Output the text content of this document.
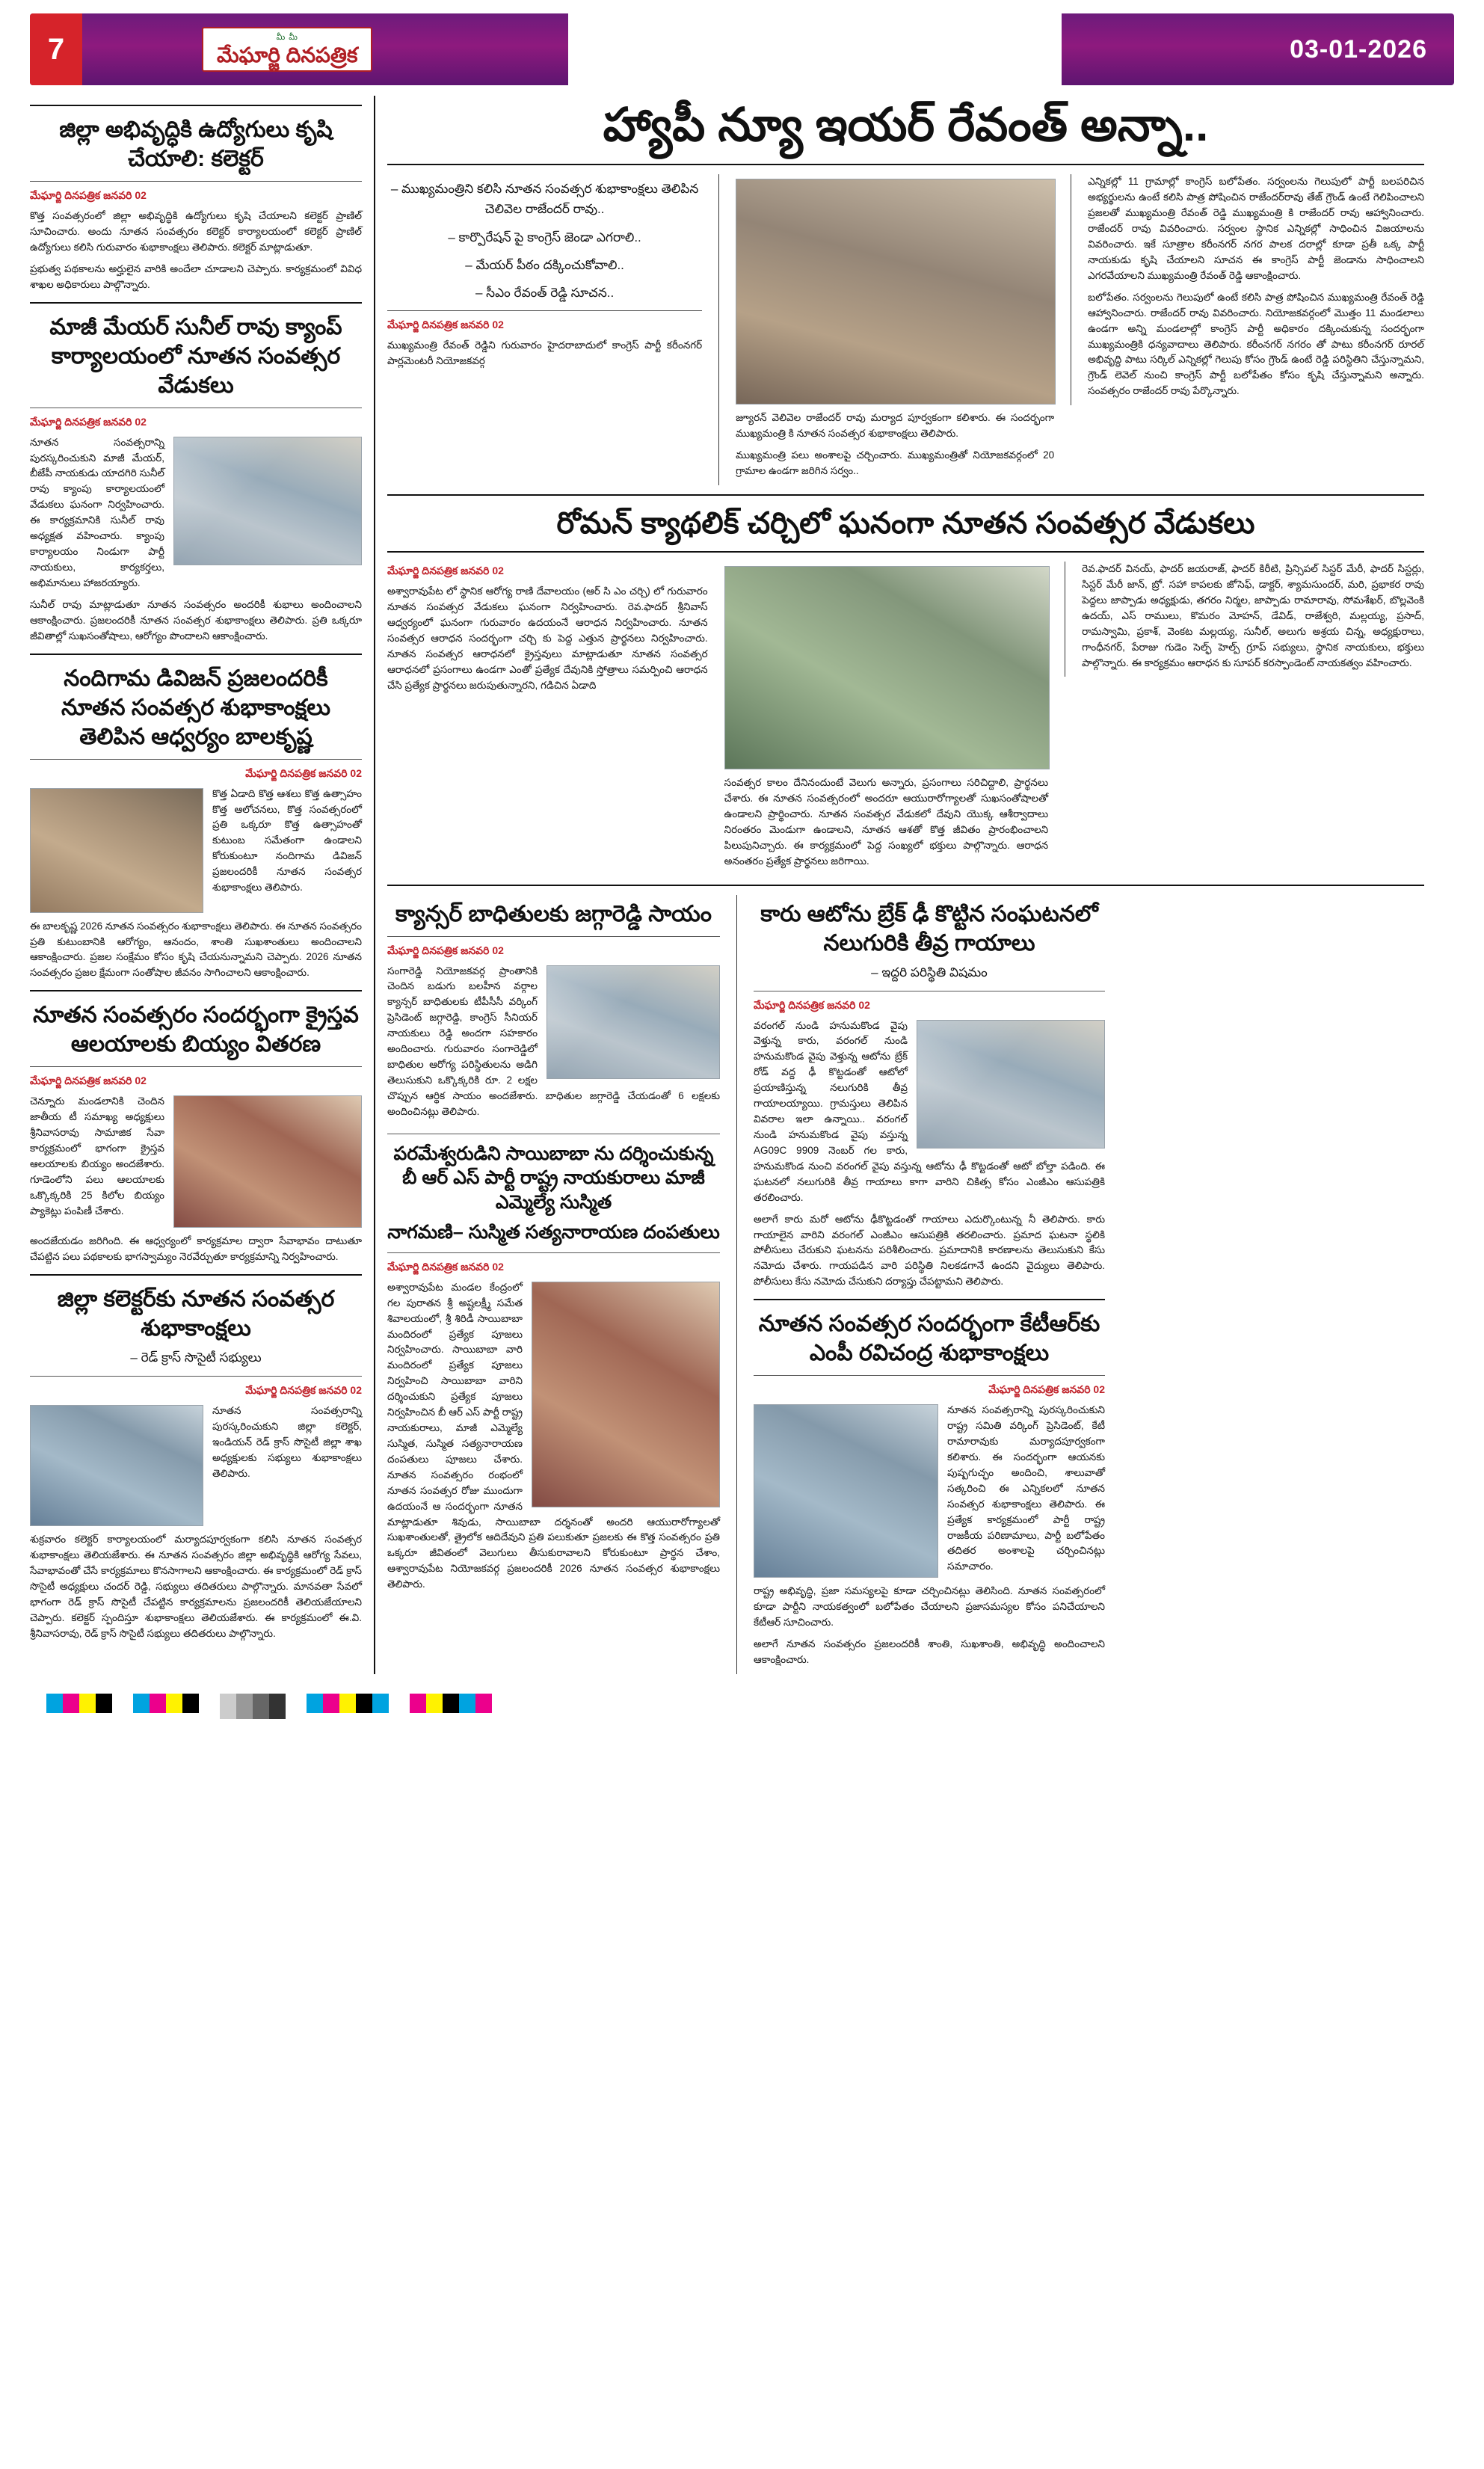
7	మీ మీ
మేఘార్జి దినపత్రిక	03-01-2026
జిల్లా అభివృద్ధికి ఉద్యోగులు కృషి చేయాలి: కలెక్టర్
మేఘార్జి దినపత్రిక జనవరి 02

కొత్త సంవత్సరంలో జిల్లా అభివృద్ధికి ఉద్యోగులు కృషి చేయాలని కలెక్టర్ ప్రాణిల్ సూచించారు. అందు నూతన సంవత్సరం కలెక్టర్ కార్యాలయంలో కలెక్టర్ ప్రాణిల్ ఉద్యోగులు కలిసి గురువారం శుభాకాంక్షలు తెలిపారు. కలెక్టర్ మాట్లాడుతూ.

ప్రభుత్వ పథకాలను అర్హులైన వారికి అందేలా చూడాలని చెప్పారు. కార్యక్రమంలో వివిధ శాఖల అధికారులు పాల్గొన్నారు.

మాజీ మేయర్ సునీల్ రావు క్యాంప్ కార్యాలయంలో నూతన సంవత్సర వేడుకలు
మేఘార్జి దినపత్రిక జనవరి 02

నూతన సంవత్సరాన్ని పురస్కరించుకుని మాజీ మేయర్, బీజేపీ నాయకుడు యాదగిరి సునీల్ రావు క్యాంపు కార్యాలయంలో వేడుకలు ఘనంగా నిర్వహించారు. ఈ కార్యక్రమానికి సునీల్ రావు అధ్యక్షత వహించారు. క్యాంపు కార్యాలయం నిండుగా పార్టీ నాయకులు, కార్యకర్తలు, అభిమానులు హాజరయ్యారు.

సునీల్ రావు మాట్లాడుతూ నూతన సంవత్సరం అందరికీ శుభాలు అందించాలని ఆకాంక్షించారు. ప్రజలందరికీ నూతన సంవత్సర శుభాకాంక్షలు తెలిపారు. ప్రతి ఒక్కరూ జీవితాల్లో సుఖసంతోషాలు, ఆరోగ్యం పొందాలని ఆకాంక్షించారు.

నందిగామ డివిజన్ ప్రజలందరికీ నూతన సంవత్సర శుభాకాంక్షలు తెలిపిన ఆధ్వర్యం బాలకృష్ణ
మేఘార్జి దినపత్రిక జనవరి 02

కొత్త ఏడాది కొత్త ఆశలు కొత్త ఉత్సాహం కొత్త ఆలోచనలు, కొత్త సంవత్సరంలో ప్రతి ఒక్కరూ కొత్త ఉత్సాహంతో కుటుంబ సమేతంగా ఉండాలని కోరుకుంటూ నందిగామ డివిజన్ ప్రజలందరికీ నూతన సంవత్సర శుభాకాంక్షలు తెలిపారు.

ఈ బాలకృష్ణ 2026 నూతన సంవత్సరం శుభాకాంక్షలు తెలిపారు. ఈ నూతన సంవత్సరం ప్రతి కుటుంబానికి ఆరోగ్యం, ఆనందం, శాంతి సుఖశాంతులు అందించాలని ఆకాంక్షించారు. ప్రజల సంక్షేమం కోసం కృషి చేయనున్నామని చెప్పారు. 2026 నూతన సంవత్సరం ప్రజల క్షేమంగా సంతోషాల జీవనం సాగించాలని ఆకాంక్షించారు.

నూతన సంవత్సరం సందర్భంగా క్రైస్తవ ఆలయాలకు బియ్యం వితరణ
మేఘార్జి దినపత్రిక జనవరి 02

చెన్నూరు మండలానికి చెందిన జాతీయ టీ సమాఖ్య అధ్యక్షులు శ్రీనివాసరావు సామాజిక సేవా కార్యక్రమంలో భాగంగా క్రైస్తవ ఆలయాలకు బియ్యం అందజేశారు. గూడెంలోని పలు ఆలయాలకు ఒక్కొక్కరికి 25 కిలోల బియ్యం ప్యాకెట్లు పంపిణీ చేశారు.

అందజేయడం జరిగింది. ఈ ఆధ్వర్యంలో కార్యక్రమాల ద్వారా సేవాభావం దాటుతూ చేపట్టిన పలు పథకాలకు భాగస్వామ్యం నెరవేర్చుతూ కార్యక్రమాన్ని నిర్వహించారు.

జిల్లా కలెక్టర్‌కు నూతన సంవత్సర శుభాకాంక్షలు
– రెడ్ క్రాస్ సొసైటీ సభ్యులు
మేఘార్జి దినపత్రిక జనవరి 02

నూతన సంవత్సరాన్ని పురస్కరించుకుని జిల్లా కలెక్టర్, ఇండియన్ రెడ్ క్రాస్ సొసైటీ జిల్లా శాఖ అధ్యక్షులకు సభ్యులు శుభాకాంక్షలు తెలిపారు.

శుక్రవారం కలెక్టర్ కార్యాలయంలో మర్యాదపూర్వకంగా కలిసి నూతన సంవత్సర శుభాకాంక్షలు తెలియజేశారు. ఈ నూతన సంవత్సరం జిల్లా అభివృద్ధికి ఆరోగ్య సేవలు, సేవాభావంతో చేసే కార్యక్రమాలు కొనసాగాలని ఆకాంక్షించారు. ఈ కార్యక్రమంలో రెడ్ క్రాస్ సొసైటీ అధ్యక్షులు చందర్ రెడ్డి, సభ్యులు తదితరులు పాల్గొన్నారు. మానవతా సేవలో భాగంగా రెడ్ క్రాస్ సొసైటీ చేపట్టిన కార్యక్రమాలను ప్రజలందరికీ తెలియజేయాలని చెప్పారు. కలెక్టర్ స్పందిస్తూ శుభాకాంక్షలు తెలియజేశారు. ఈ కార్యక్రమంలో ఈ.వి. శ్రీనివాసరావు, రెడ్ క్రాస్ సొసైటీ సభ్యులు తదితరులు పాల్గొన్నారు.

హ్యాపీ న్యూ ఇయర్ రేవంత్ అన్నా..
– ముఖ్యమంత్రిని కలిసి నూతన సంవత్సర శుభాకాంక్షలు తెలిపిన చెలివెల రాజేందర్ రావు..
– కార్పొరేషన్ పై కాంగ్రెస్ జెండా ఎగరాలి..
– మేయర్ పీఠం దక్కించుకోవాలి..
– సీఎం రేవంత్ రెడ్డి సూచన..
మేఘార్జి దినపత్రిక జనవరి 02

ముఖ్యమంత్రి రేవంత్ రెడ్డిని గురువారం హైదరాబాదులో కాంగ్రెస్ పార్టీ కరీంనగర్ పార్లమెంటరీ నియోజకవర్గ

జ్యూరన్ వెలివెల రాజేందర్ రావు మర్యాద పూర్వకంగా కలిశారు. ఈ సందర్భంగా ముఖ్యమంత్రి కి నూతన సంవత్సర శుభాకాంక్షలు తెలిపారు.

ముఖ్యమంత్రి పలు అంశాలపై చర్చించారు. ముఖ్యమంత్రితో నియోజకవర్గంలో 20 గ్రామాల ఉండగా జరిగిన సర్వం..

ఎన్నికల్లో 11 గ్రామాల్లో కాంగ్రెస్ బలోపేతం. సర్వంలను గెలుపులో పార్టీ బలపరిచిన అభ్యర్థులను ఉంటే కలిసి పాత్ర పోషించిన రాజేందర్‌రావు తేజ్ గ్రౌండ్ ఉంటే గెలిపించాలని ప్రజలతో ముఖ్యమంత్రి రేవంత్ రెడ్డి ముఖ్యమంత్రి కి రాజేందర్ రావు ఆహ్వానించారు. రాజేందర్ రావు వివరించారు. సర్వంల స్థానిక ఎన్నికల్లో సాధించిన విజయాలను వివరించారు. ఇకే సూత్రాల కరీంనగర్ నగర పాలక దరాల్లో కూడా ప్రతీ ఒక్క పార్టీ నాయకుడు కృషి చేయాలని సూచన ఈ కాంగ్రెస్ పార్టీ జెండాను సాధించాలని ఎగరవేయాలని ముఖ్యమంత్రి రేవంత్ రెడ్డి ఆకాంక్షించారు.

బలోపేతం. సర్వంలను గెలుపులో ఉంటే కలిసి పాత్ర పోషించిన ముఖ్యమంత్రి రేవంత్ రెడ్డి ఆహ్వానించారు. రాజేందర్ రావు వివరించారు. నియోజకవర్గంలో మొత్తం 11 మండలాలు ఉండగా అన్ని మండలాల్లో కాంగ్రెస్ పార్టీ అధికారం దక్కించుకున్న సందర్భంగా ముఖ్యమంత్రికి ధన్యవాదాలు తెలిపారు. కరీంనగర్ నగరం తో పాటు కరీంనగర్ రూరల్ అభివృద్ధి పాటు సర్కిల్ ఎన్నికల్లో గెలుపు కోసం గ్రౌండ్ ఉంటే రెడ్డి పరిస్థితిని చేస్తున్నామని, గ్రౌండ్ లెవెల్ నుంచి కాంగ్రెస్ పార్టీ బలోపేతం కోసం కృషి చేస్తున్నామని అన్నారు. సంవత్సరం రాజేందర్ రావు పేర్కొన్నారు.

రోమన్ క్యాథలిక్ చర్చిలో ఘనంగా నూతన సంవత్సర వేడుకలు
మేఘార్జి దినపత్రిక జనవరి 02

అశ్వారావుపేట లో స్థానిక ఆరోగ్య రాణి దేవాలయం (ఆర్ సి ఎం చర్చి) లో గురువారం నూతన సంవత్సర వేడుకలు ఘనంగా నిర్వహించారు. రెవ.ఫాదర్ శ్రీనివాస్ ఆధ్వర్యంలో ఘనంగా గురువారం ఉదయంనే ఆరాధన నిర్వహించారు. నూతన సంవత్సర ఆరాధన సందర్భంగా చర్చి కు పెద్ద ఎత్తున ప్రార్థనలు నిర్వహించారు. నూతన సంవత్సర ఆరాధనలో క్రైస్తవులు మాట్లాడుతూ నూతన సంవత్సర ఆరాధనలో ప్రసంగాలు ఉండగా ఎంతో ప్రత్యేక దేవునికి స్తోత్రాలు సమర్పించి ఆరాధన చేసి ప్రత్యేక ప్రార్థనలు జరుపుతున్నారని, గడిచిన ఏడాది

సంవత్సర కాలం దేనినందుంటే వెలుగు అన్నారు, ప్రసంగాలు సరిచిద్దాలి, ప్రార్థనలు చేశారు. ఈ నూతన సంవత్సరంలో అందరూ ఆయురారోగ్యాలతో సుఖసంతోషాలతో ఉండాలని ప్రార్థించారు. నూతన సంవత్సర వేడుకలో దేవుని యొక్క ఆశీర్వాదాలు నిరంతరం మెండుగా ఉండాలని, నూతన ఆశతో కొత్త జీవితం ప్రారంభించాలని పిలుపునిచ్చారు. ఈ కార్యక్రమంలో పెద్ద సంఖ్యలో భక్తులు పాల్గొన్నారు. ఆరాధన అనంతరం ప్రత్యేక ప్రార్థనలు జరిగాయి.

రెవ.ఫాదర్ వినయ్, ఫాదర్ జయరాజ్, ఫాదర్ కిరీటి, ప్రిన్సిపల్ సిస్టర్ మేరీ, ఫాదర్ సిస్టర్లు, సిస్టర్ మేరీ జాన్, బ్రో. సహా కాపలకు జోసెఫ్, డాక్టర్, శ్యామసుందర్, మరి, ప్రభాకర రావు పెద్దలు జాప్పాడు అధ్యక్షుడు, తగరం నిర్మల, జాప్పాడు రామారావు, సోమశేఖర్, బొల్లవెంకి ఉదయ్, ఎస్ రాములు, కొమరం మోహన్, డేవిడ్, రాజేశ్వరి, మల్లయ్య, ప్రసాద్, రామస్వామి, ప్రకాశ్, వెంకట మల్లయ్య, సునీల్, అలుగు అశ్రయ చిన్న, అధ్యక్షురాలు, గాంధీనగర్, పేరాజు గుడెం సెల్ఫ్ హెల్ప్ గ్రూప్ సభ్యులు, స్థానిక నాయకులు, భక్తులు పాల్గొన్నారు. ఈ కార్యక్రమం ఆరాధన కు సూపర్ కరస్పాండెంట్ నాయకత్వం వహించారు.

క్యాన్సర్ బాధితులకు జగ్గారెడ్డి సాయం
మేఘార్జి దినపత్రిక జనవరి 02

సంగారెడ్డి నియోజకవర్గ ప్రాంతానికి చెందిన బడుగు బలహీన వర్గాల క్యాన్సర్ బాధితులకు టీపీసీసీ వర్కింగ్ ప్రెసిడెంట్ జగ్గారెడ్డి, కాంగ్రెస్ సీనియర్ నాయకులు రెడ్డి అందగా సహకారం అందించారు. గురువారం సంగారెడ్డిలో బాధితుల ఆరోగ్య పరిస్థితులను అడిగి తెలుసుకుని ఒక్కొక్కరికి రూ. 2 లక్షల చొప్పున ఆర్థిక సాయం అందజేశారు. బాధితుల జగ్గారెడ్డి చేయడంతో 6 లక్షలకు అందించినట్లు తెలిపారు.

పరమేశ్వరుడిని సాయిబాబా ను దర్శించుకున్న బీ ఆర్ ఎస్ పార్టీ రాష్ట్ర నాయకురాలు మాజీ ఎమ్మెల్యే సుస్మిత
నాగమణి– సుస్మిత సత్యనారాయణ దంపతులు
మేఘార్జి దినపత్రిక జనవరి 02

అశ్వారావుపేట మండల కేంద్రంలో గల పురాతన శ్రీ అష్టలక్ష్మీ సమేత శివాలయంలో, శ్రీ శిరిడీ సాయిబాబా మందిరంలో ప్రత్యేక పూజలు నిర్వహించారు. సాయిబాబా వారి మందిరంలో ప్రత్యేక పూజలు నిర్వహించి సాయిబాబా వారిని దర్శించుకుని ప్రత్యేక పూజలు నిర్వహించిన బీ ఆర్ ఎస్ పార్టీ రాష్ట్ర నాయకురాలు, మాజీ ఎమ్మెల్యే సుస్మిత, సుస్మిత సత్యనారాయణ దంపతులు పూజలు చేశారు. నూతన సంవత్సరం రంభంలో నూతన సంవత్సర రోజు ముందుగా ఉదయంనే ఆ సందర్భంగా నూతన మాట్లాడుతూ శివుడు, సాయిబాబా దర్శనంతో అందరి ఆయురారోగ్యాలతో సుఖశాంతులతో, త్రైలోక ఆదిదేవుని ప్రతి పలుకుతూ ప్రజలకు ఈ కొత్త సంవత్సరం ప్రతి ఒక్కరూ జీవితంలో వెలుగులు తీసుకురావాలని కోరుకుంటూ ప్రార్థన చేశాం, ఆశ్వారావుపేట నియోజకవర్గ ప్రజలందరికీ 2026 నూతన సంవత్సర శుభాకాంక్షలు తెలిపారు.

కారు ఆటోను బ్రేక్ ఢీ కొట్టిన సంఘటనలో నలుగురికి తీవ్ర గాయాలు
– ఇద్దరి పరిస్థితి విషమం
మేఘార్జి దినపత్రిక జనవరి 02

వరంగల్ నుండి హనుమకొండ వైపు వెళ్తున్న కారు, వరంగల్ నుండి హనుమకొండ వైపు వెళ్తున్న ఆటోను బ్రేక్ రోడ్ వద్ద ఢీ కొట్టడంతో ఆటోలో ప్రయాణిస్తున్న నలుగురికి తీవ్ర గాయాలయ్యాయి. గ్రామస్తులు తెలిపిన వివరాల ఇలా ఉన్నాయి.. వరంగల్ నుండి హనుమకొండ వైపు వస్తున్న AG09C 9909 నెంబర్ గల కారు, హనుమకొండ నుంచి వరంగల్ వైపు వస్తున్న ఆటోను ఢీ కొట్టడంతో ఆటో బోల్తా పడింది. ఈ ఘటనలో నలుగురికి తీవ్ర గాయాలు కాగా వారిని చికిత్స కోసం ఎంజీఎం ఆసుపత్రికి తరలించారు.

అలాగే కారు మరో ఆటోను ఢీకొట్టడంతో గాయాలు ఎదుర్కొంటున్న నీ తెలిపారు. కారు గాయాలైన వారిని వరంగల్ ఎంజీఎం ఆసుపత్రికి తరలించారు. ప్రమాద ఘటనా స్థలికి పోలీసులు చేరుకుని ఘటనను పరిశీలించారు. ప్రమాదానికి కారణాలను తెలుసుకుని కేసు నమోదు చేశారు. గాయపడిన వారి పరిస్థితి నిలకడగానే ఉందని వైద్యులు తెలిపారు. పోలీసులు కేసు నమోదు చేసుకుని దర్యాప్తు చేపట్టామని తెలిపారు.

నూతన సంవత్సర సందర్భంగా కేటీఆర్‌కు ఎంపీ రవిచంద్ర శుభాకాంక్షలు
మేఘార్జి దినపత్రిక జనవరి 02

నూతన సంవత్సరాన్ని పురస్కరించుకుని రాష్ట్ర సమితి వర్కింగ్ ప్రెసిడెంట్, కేటీ రామారావుకు మర్యాదపూర్వకంగా కలిశారు. ఈ సందర్భంగా ఆయనకు పుష్పగుచ్ఛం అందించి, శాలువాతో సత్కరించి ఈ ఎన్నికలలో నూతన సంవత్సర శుభాకాంక్షలు తెలిపారు. ఈ ప్రత్యేక కార్యక్రమంలో పార్టీ రాష్ట్ర రాజకీయ పరిణామాలు, పార్టీ బలోపేతం తదితర అంశాలపై చర్చించినట్లు సమాచారం.

రాష్ట్ర అభివృద్ధి, ప్రజా సమస్యలపై కూడా చర్చించినట్లు తెలిసింది. నూతన సంవత్సరంలో కూడా పార్టీని నాయకత్వంలో బలోపేతం చేయాలని ప్రజాసమస్యల కోసం పనిచేయాలని కేటీఆర్ సూచించారు.

అలాగే నూతన సంవత్సరం ప్రజలందరికీ శాంతి, సుఖశాంతి, అభివృద్ధి అందించాలని ఆకాంక్షించారు.
